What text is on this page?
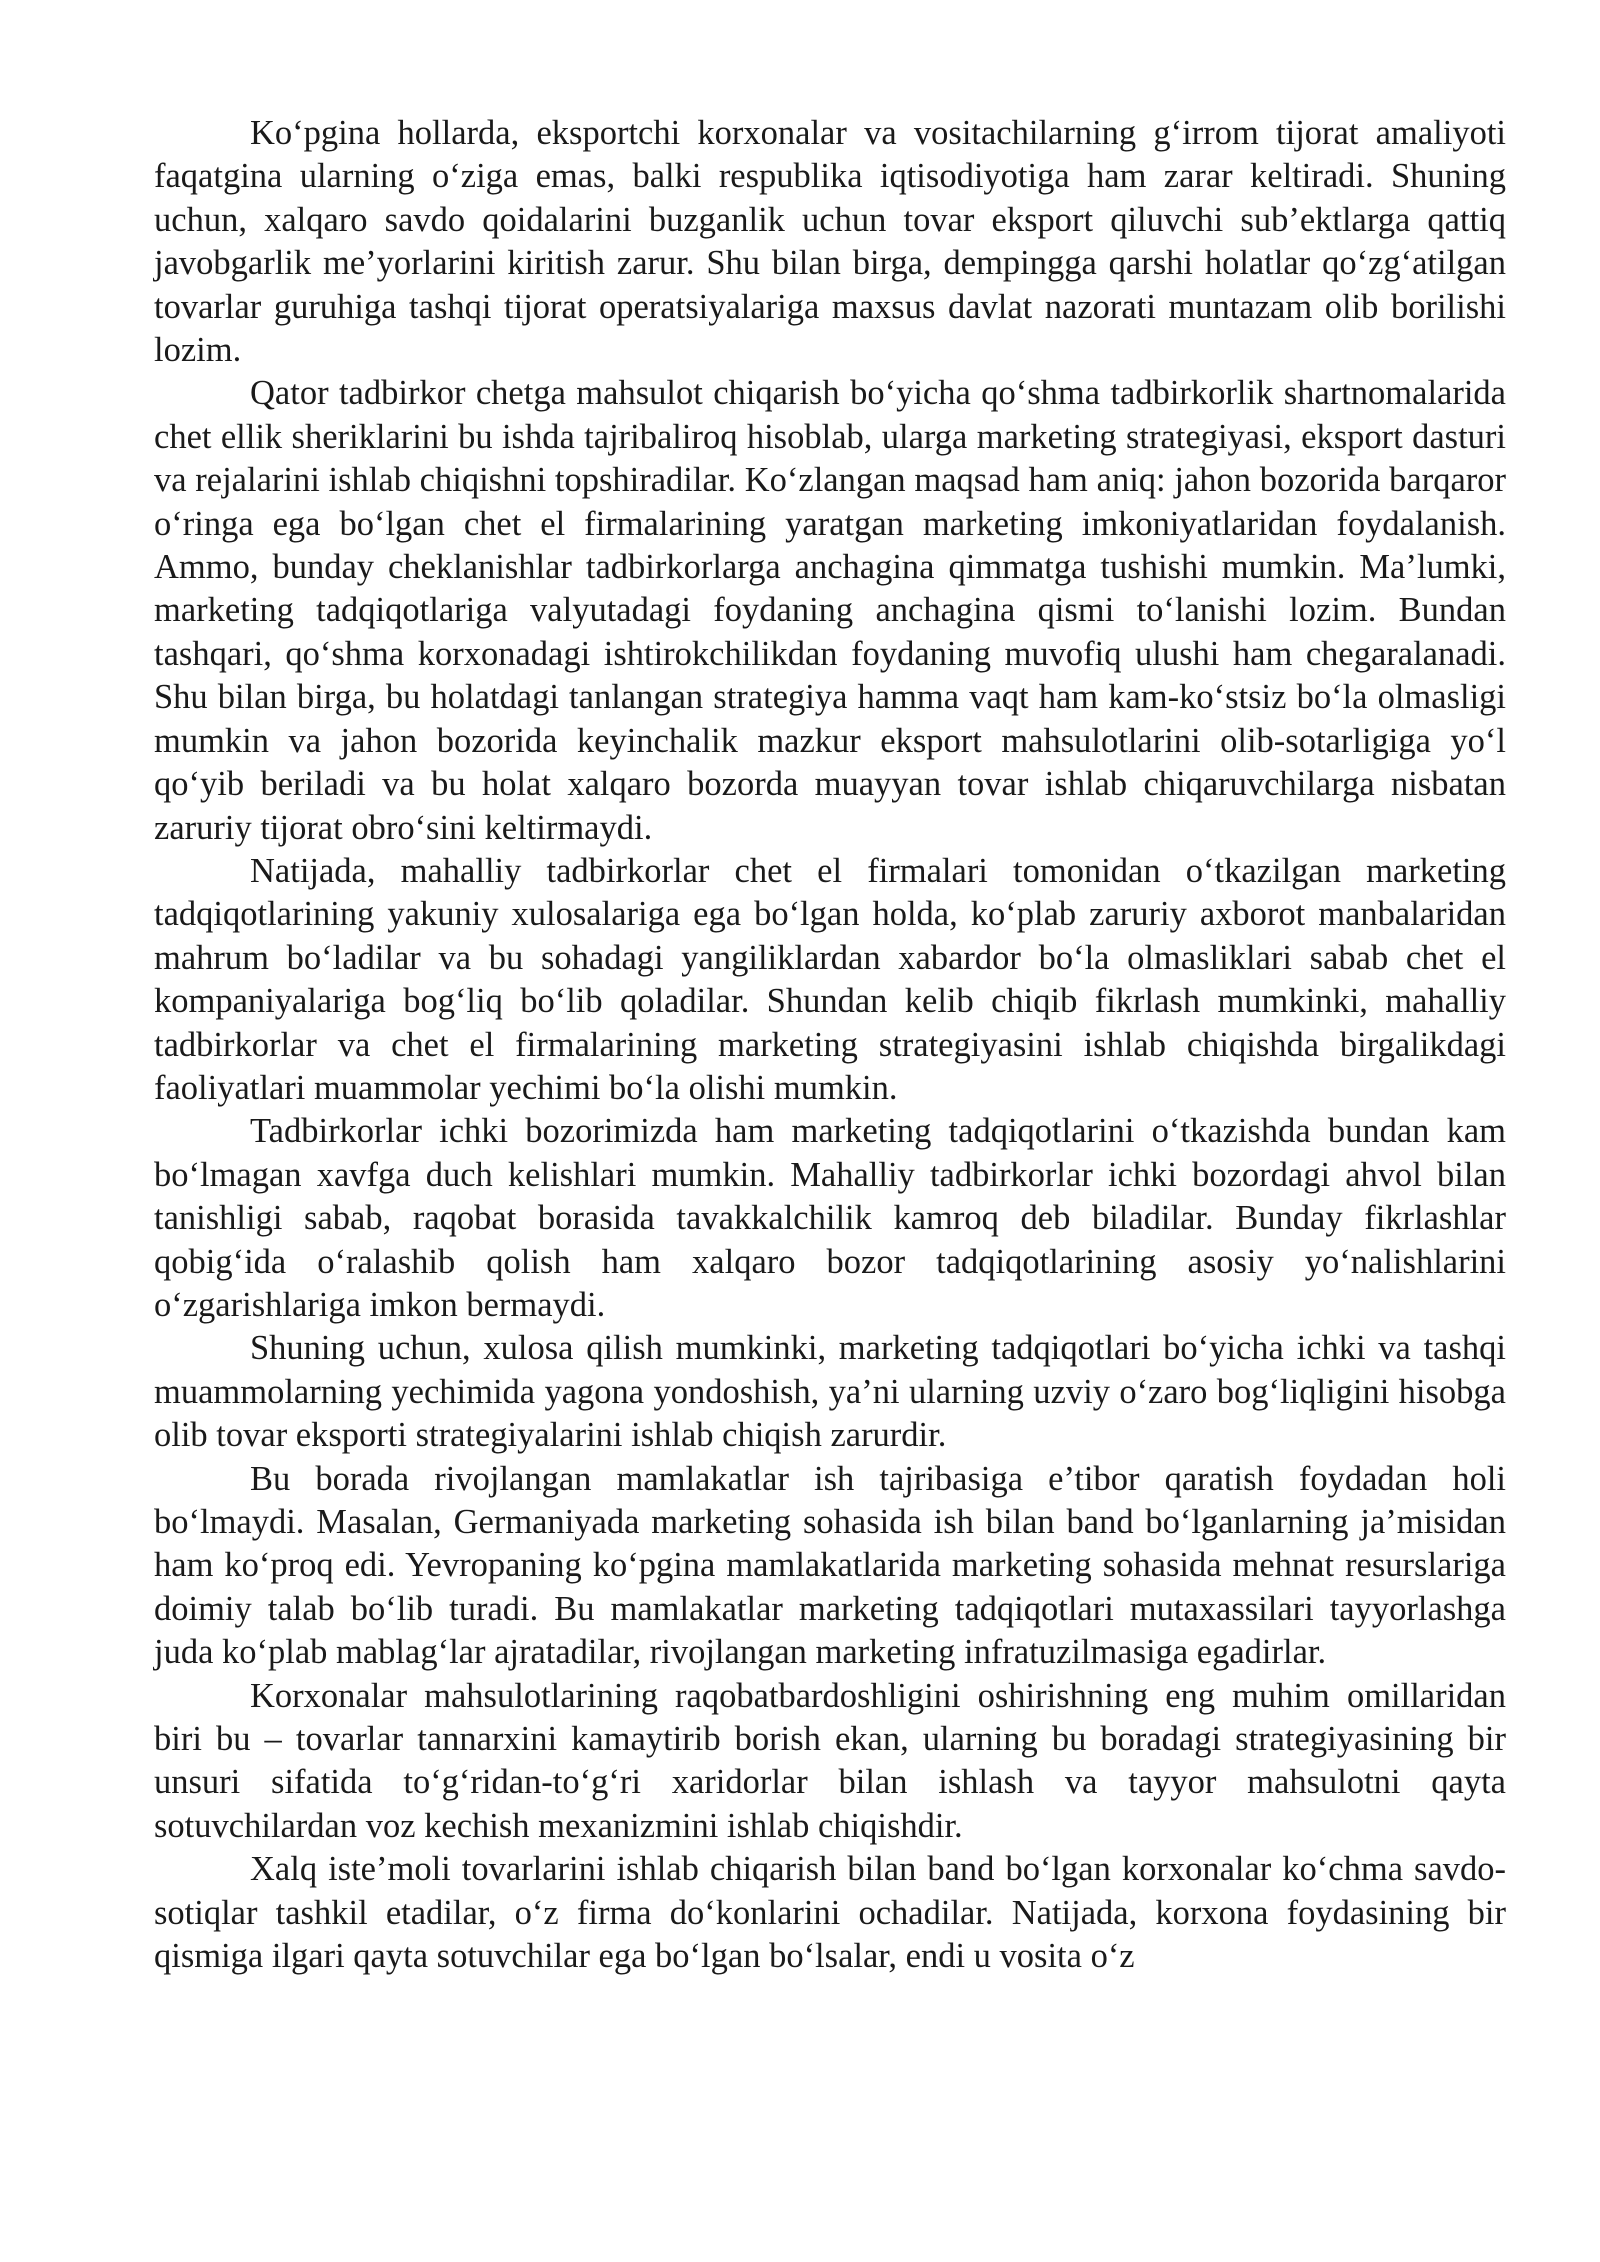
Ko‘pgina hollarda, eksportchi korxonalar va vositachilarning g‘irrom tijorat amaliyoti faqatgina ularning o‘ziga emas, balki respublika iqtisodiyotiga ham zarar keltiradi. Shuning uchun, xalqaro savdo qoidalarini buzganlik uchun tovar eksport qiluvchi sub’ektlarga qattiq javobgarlik me’yorlarini kiritish zarur. Shu bilan birga, dempingga qarshi holatlar qo‘zg‘atilgan tovarlar guruhiga tashqi tijorat operatsiyalariga maxsus davlat nazorati muntazam olib borilishi lozim.

Qator tadbirkor chetga mahsulot chiqarish bo‘yicha qo‘shma tadbirkorlik shartnomalarida chet ellik sheriklarini bu ishda tajribaliroq hisoblab, ularga marketing strategiyasi, eksport dasturi va rejalarini ishlab chiqishni topshiradilar. Ko‘zlangan maqsad ham aniq: jahon bozorida barqaror o‘ringa ega bo‘lgan chet el firmalarining yaratgan marketing imkoniyatlaridan foydalanish. Ammo, bunday cheklanishlar tadbirkorlarga anchagina qimmatga tushishi mumkin. Ma’lumki, marketing tadqiqotlariga valyutadagi foydaning anchagina qismi to‘lanishi lozim. Bundan tashqari, qo‘shma korxonadagi ishtirokchilikdan foydaning muvofiq ulushi ham chegaralanadi. Shu bilan birga, bu holatdagi tanlangan strategiya hamma vaqt ham kam-ko‘stsiz bo‘la olmasligi mumkin va jahon bozorida keyinchalik mazkur eksport mahsulotlarini olib-sotarligiga yo‘l qo‘yib beriladi va bu holat xalqaro bozorda muayyan tovar ishlab chiqaruvchilarga nisbatan zaruriy tijorat obro‘sini keltirmaydi.

Natijada, mahalliy tadbirkorlar chet el firmalari tomonidan o‘tkazilgan marketing tadqiqotlarining yakuniy xulosalariga ega bo‘lgan holda, ko‘plab zaruriy axborot manbalaridan mahrum bo‘ladilar va bu sohadagi yangiliklardan xabardor bo‘la olmasliklari sabab chet el kompaniyalariga bog‘liq bo‘lib qoladilar. Shundan kelib chiqib fikrlash mumkinki, mahalliy tadbirkorlar va chet el firmalarining marketing strategiyasini ishlab chiqishda birgalikdagi faoliyatlari muammolar yechimi bo‘la olishi mumkin.

Tadbirkorlar ichki bozorimizda ham marketing tadqiqotlarini o‘tkazishda bundan kam bo‘lmagan xavfga duch kelishlari mumkin. Mahalliy tadbirkorlar ichki bozordagi ahvol bilan tanishligi sabab, raqobat borasida tavakkalchilik kamroq deb biladilar. Bunday fikrlashlar qobig‘ida o‘ralashib qolish ham xalqaro bozor tadqiqotlarining asosiy yo‘nalishlarini o‘zgarishlariga imkon bermaydi.

Shuning uchun, xulosa qilish mumkinki, marketing tadqiqotlari bo‘yicha ichki va tashqi muammolarning yechimida yagona yondoshish, ya’ni ularning uzviy o‘zaro bog‘liqligini hisobga olib tovar eksporti strategiyalarini ishlab chiqish zarurdir.

Bu borada rivojlangan mamlakatlar ish tajribasiga e’tibor qaratish foydadan holi bo‘lmaydi. Masalan, Germaniyada marketing sohasida ish bilan band bo‘lganlarning ja’misidan ham ko‘proq edi. Yevropaning ko‘pgina mamlakatlarida marketing sohasida mehnat resurslariga doimiy talab bo‘lib turadi. Bu mamlakatlar marketing tadqiqotlari mutaxassilari tayyorlashga juda ko‘plab mablag‘lar ajratadilar, rivojlangan marketing infratuzilmasiga egadirlar.

Korxonalar mahsulotlarining raqobatbardoshligini oshirishning eng muhim omillaridan biri bu – tovarlar tannarxini kamaytirib borish ekan, ularning bu boradagi strategiyasining bir unsuri sifatida to‘g‘ridan-to‘g‘ri xaridorlar bilan ishlash va tayyor mahsulotni qayta sotuvchilardan voz kechish mexanizmini ishlab chiqishdir.

Xalq iste’moli tovarlarini ishlab chiqarish bilan band bo‘lgan korxonalar ko‘chma savdo-sotiqlar tashkil etadilar, o‘z firma do‘konlarini ochadilar. Natijada, korxona foydasining bir qismiga ilgari qayta sotuvchilar ega bo‘lgan bo‘lsalar, endi u vosita o‘z
